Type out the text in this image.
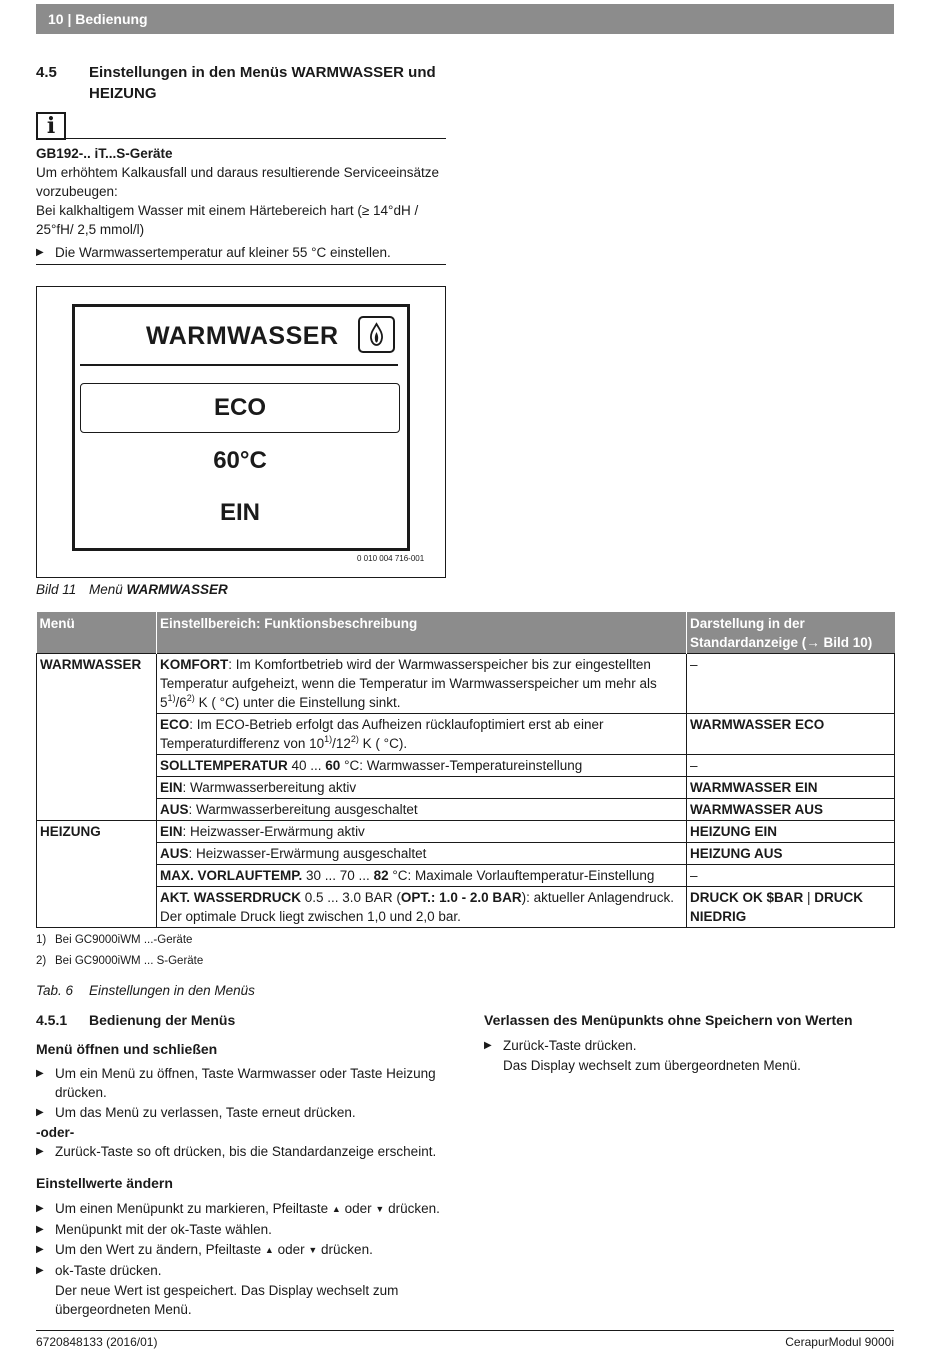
10 | Bedienung
4.5 Einstellungen in den Menüs WARMWASSER und HEIZUNG
i
GB192-.. iT...S-Geräte
Um erhöhtem Kalkausfall und daraus resultierende Serviceeinsätze vorzubeugen:
Bei kalkhaltigem Wasser mit einem Härtebereich hart (≥ 14°dH / 25°fH/ 2,5 mmol/l)
▶ Die Warmwassertemperatur auf kleiner 55 °C einstellen.
WARMWASSER
ECO
60°C
EIN
0 010 004 716-001
Bild 11 Menü WARMWASSER
Menü	Einstellbereich: Funktionsbeschreibung	Darstellung in der Standardanzeige (→ Bild 10)
WARMWASSER	KOMFORT: Im Komfortbetrieb wird der Warmwasserspeicher bis zur eingestellten Temperatur aufgeheizt, wenn die Temperatur im Warmwasserspeicher um mehr als 5$^{1)}$/6$^{2)}$ K ( °C) unter die Einstellung sinkt.	–
	ECO: Im ECO-Betrieb erfolgt das Aufheizen rücklaufoptimiert erst ab einer Temperaturdifferenz von 10$^{1)}$/12$^{2)}$ K ( °C).	WARMWASSER ECO
	SOLLTEMPERATUR 40 ... 60 °C: Warmwasser-Temperatureinstellung	–
	EIN: Warmwasserbereitung aktiv	WARMWASSER EIN
	AUS: Warmwasserbereitung ausgeschaltet	WARMWASSER AUS
HEIZUNG	EIN: Heizwasser-Erwärmung aktiv	HEIZUNG EIN
	AUS: Heizwasser-Erwärmung ausgeschaltet	HEIZUNG AUS
	MAX. VORLAUFTEMP. 30 ... 70 ... 82 °C: Maximale Vorlauftemperatur-Einstellung	–
	AKT. WASSERDRUCK 0.5 ... 3.0 BAR (OPT.: 1.0 - 2.0 BAR): aktueller Anlagendruck. Der optimale Druck liegt zwischen 1,0 und 2,0 bar.	DRUCK OK $BAR | DRUCK NIEDRIG
1) Bei GC9000iWM ...-Geräte
2) Bei GC9000iWM ... S-Geräte
Tab. 6 Einstellungen in den Menüs
4.5.1 Bedienung der Menüs
Menü öffnen und schließen
▶ Um ein Menü zu öffnen, Taste Warmwasser oder Taste Heizung drücken.
▶ Um das Menü zu verlassen, Taste erneut drücken.
-oder-
▶ Zurück-Taste so oft drücken, bis die Standardanzeige erscheint.
Einstellwerte ändern
▶ Um einen Menüpunkt zu markieren, Pfeiltaste ▲ oder ▼ drücken.
▶ Menüpunkt mit der ok-Taste wählen.
▶ Um den Wert zu ändern, Pfeiltaste ▲ oder ▼ drücken.
▶ ok-Taste drücken.
Der neue Wert ist gespeichert. Das Display wechselt zum übergeordneten Menü.
Verlassen des Menüpunkts ohne Speichern von Werten
▶ Zurück-Taste drücken.
Das Display wechselt zum übergeordneten Menü.
6720848133 (2016/01)	CerapurModul 9000i
